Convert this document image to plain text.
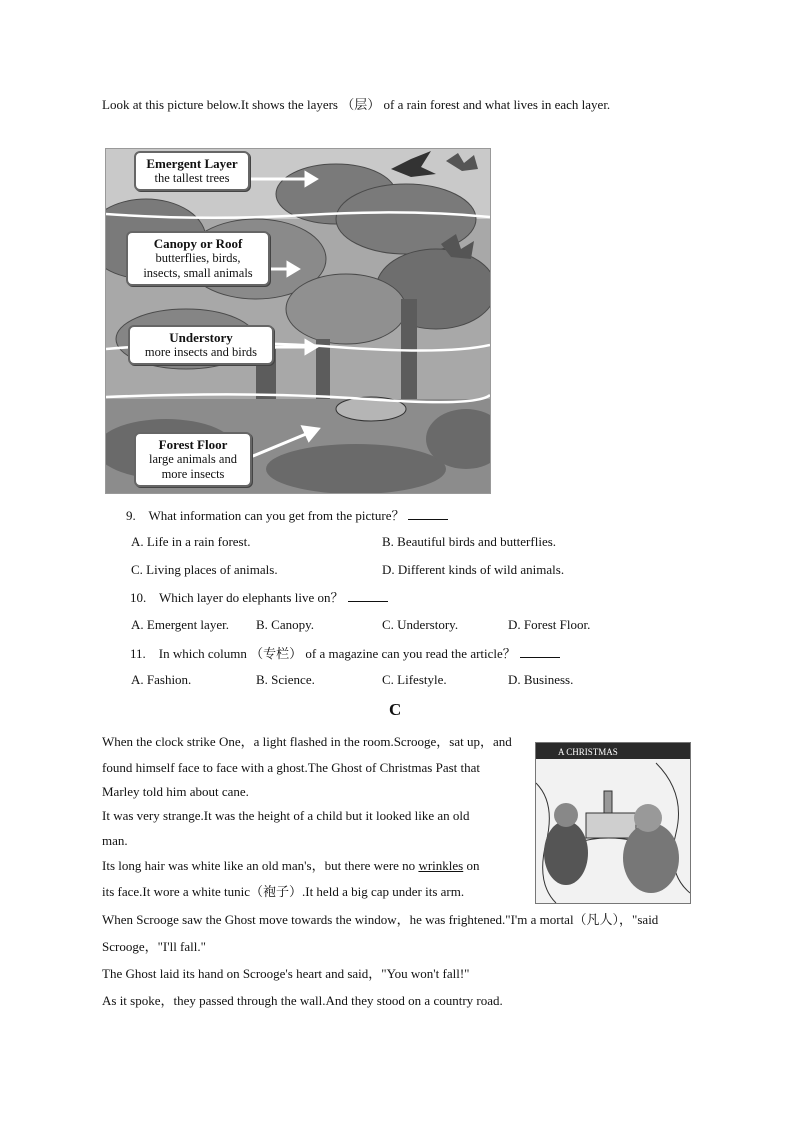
Look at this picture below.It shows the layers （层） of a rain forest and what lives in each layer.
Emergent Layer
the tallest trees
Canopy or Roof
butterflies, birds,
insects, small animals
Understory
more insects and birds
Forest Floor
large animals and
more insects
9. What information can you get from the picture？
A. Life in a rain forest.	B. Beautiful birds and butterflies.
C. Living places of animals.	D. Different kinds of wild animals.
10. Which layer do elephants live on？
A. Emergent layer. B. Canopy.	C. Understory.	D. Forest Floor.
11. In which column （专栏） of a magazine can you read the article？
A. Fashion.	B. Science.	C. Lifestyle.	D. Business.
C
When the clock strike One，a light flashed in the room.Scrooge，sat up，and
found himself face to face with a ghost.The Ghost of Christmas Past that
Marley told him about cane.
It was very strange.It was the height of a child but it looked like an old
man.
Its long hair was white like an old man's，but there were no wrinkles on
its face.It wore a white tunic（袍子）.It held a big cap under its arm.
When Scrooge saw the Ghost move towards the window，he was frightened."I'm a mortal（凡人），"said
Scrooge，"I'll fall."
The Ghost laid its hand on Scrooge's heart and said，"You won't fall!"
As it spoke，they passed through the wall.And they stood on a country road.
A CHRISTMAS
